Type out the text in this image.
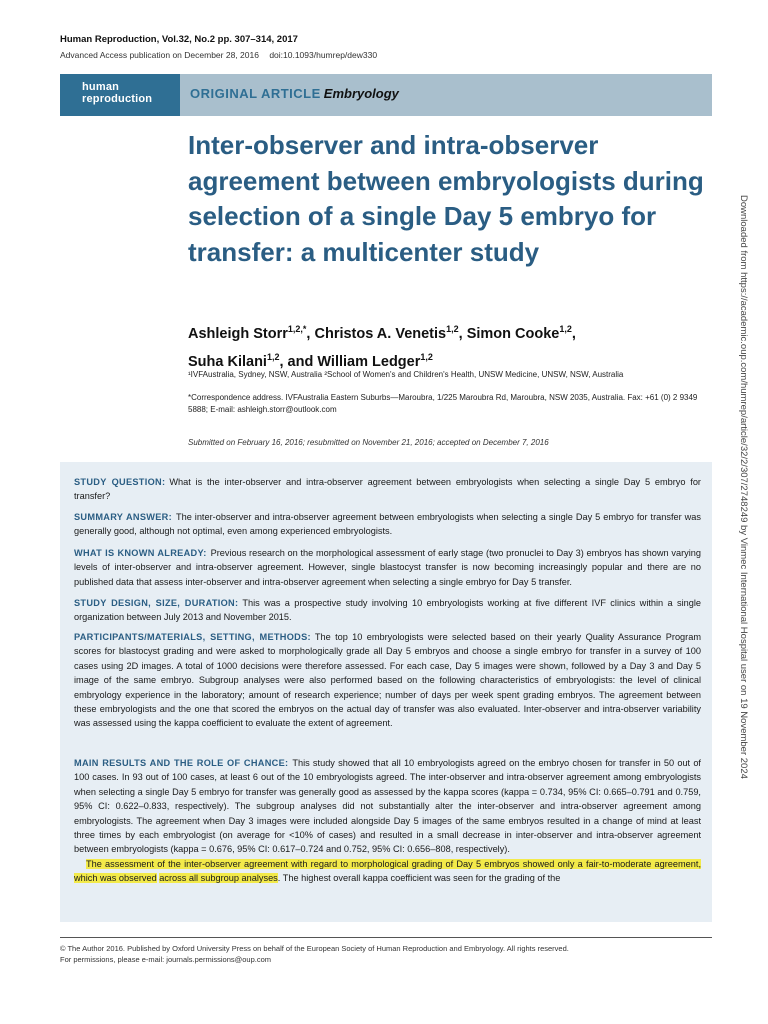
Human Reproduction, Vol.32, No.2 pp. 307–314, 2017
Advanced Access publication on December 28, 2016 doi:10.1093/humrep/dew330
human
reproduction	ORIGINAL ARTICLE Embryology
Inter-observer and intra-observer agreement between embryologists during selection of a single Day 5 embryo for transfer: a multicenter study
Ashleigh Storr$^{1,2,*}$, Christos A. Venetis$^{1,2}$, Simon Cooke$^{1,2}$,
Suha Kilani$^{1,2}$, and William Ledger$^{1,2}$
¹IVFAustralia, Sydney, NSW, Australia ²School of Women's and Children's Health, UNSW Medicine, UNSW, NSW, Australia
*Correspondence address. IVFAustralia Eastern Suburbs—Maroubra, 1/225 Maroubra Rd, Maroubra, NSW 2035, Australia. Fax: +61 (0) 2 9349 5888; E-mail: ashleigh.storr@outlook.com
Submitted on February 16, 2016; resubmitted on November 21, 2016; accepted on December 7, 2016
STUDY QUESTION: What is the inter-observer and intra-observer agreement between embryologists when selecting a single Day 5 embryo for transfer?
SUMMARY ANSWER: The inter-observer and intra-observer agreement between embryologists when selecting a single Day 5 embryo for transfer was generally good, although not optimal, even among experienced embryologists.
WHAT IS KNOWN ALREADY: Previous research on the morphological assessment of early stage (two pronuclei to Day 3) embryos has shown varying levels of inter-observer and intra-observer agreement. However, single blastocyst transfer is now becoming increasingly popular and there are no published data that assess inter-observer and intra-observer agreement when selecting a single embryo for Day 5 transfer.
STUDY DESIGN, SIZE, DURATION: This was a prospective study involving 10 embryologists working at five different IVF clinics within a single organization between July 2013 and November 2015.
PARTICIPANTS/MATERIALS, SETTING, METHODS: The top 10 embryologists were selected based on their yearly Quality Assurance Program scores for blastocyst grading and were asked to morphologically grade all Day 5 embryos and choose a single embryo for transfer in a survey of 100 cases using 2D images. A total of 1000 decisions were therefore assessed. For each case, Day 5 images were shown, followed by a Day 3 and Day 5 image of the same embryo. Subgroup analyses were also performed based on the following characteristics of embryologists: the level of clinical embryology experience in the laboratory; amount of research experience; number of days per week spent grading embryos. The agreement between these embryologists and the one that scored the embryos on the actual day of transfer was also evaluated. Inter-observer and intra-observer variability was assessed using the kappa coefficient to evaluate the extent of agreement.
MAIN RESULTS AND THE ROLE OF CHANCE: This study showed that all 10 embryologists agreed on the embryo chosen for transfer in 50 out of 100 cases. In 93 out of 100 cases, at least 6 out of the 10 embryologists agreed. The inter-observer and intra-observer agreement among embryologists when selecting a single Day 5 embryo for transfer was generally good as assessed by the kappa scores (kappa = 0.734, 95% CI: 0.665–0.791 and 0.759, 95% CI: 0.622–0.833, respectively). The subgroup analyses did not substantially alter the inter-observer and intra-observer agreement among embryologists. The agreement when Day 3 images were included alongside Day 5 images of the same embryos resulted in a change of mind at least three times by each embryologist (on average for <10% of cases) and resulted in a small decrease in inter-observer and intra-observer agreement between embryologists (kappa = 0.676, 95% CI: 0.617–0.724 and 0.752, 95% CI: 0.656–808, respectively).
The assessment of the inter-observer agreement with regard to morphological grading of Day 5 embryos showed only a fair-to-moderate agreement, which was observed across all subgroup analyses. The highest overall kappa coefficient was seen for the grading of the
© The Author 2016. Published by Oxford University Press on behalf of the European Society of Human Reproduction and Embryology. All rights reserved.
For permissions, please e-mail: journals.permissions@oup.com
Downloaded from https://academic.oup.com/humrep/article/32/2/307/2748249 by Vinmec International Hospital user on 19 November 2024
